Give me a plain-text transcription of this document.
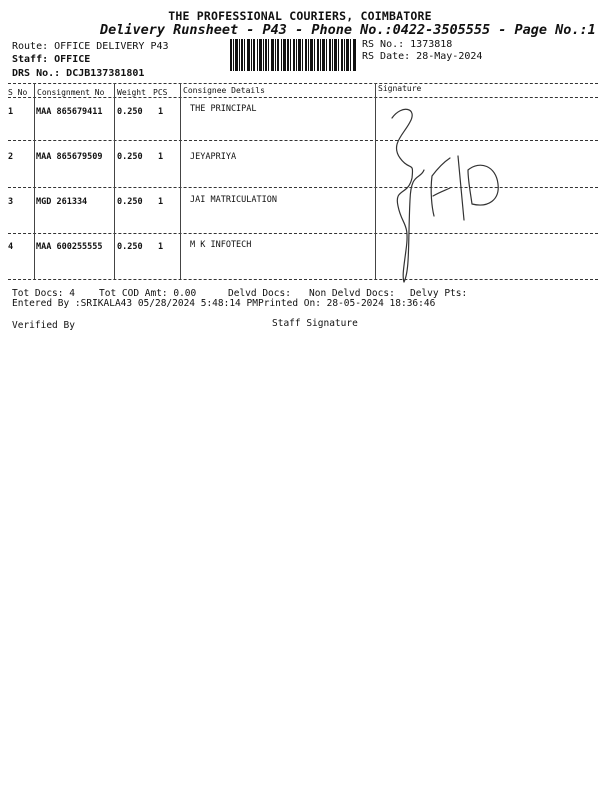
THE PROFESSIONAL COURIERS, COIMBATORE
Delivery Runsheet - P43 - Phone No.:0422-3505555 - Page No.:1
Route: OFFICE DELIVERY P43
Staff: OFFICE
DRS No.: DCJB137381801
RS No.: 1373818
RS Date: 28-May-2024
S No Consignment No Weight PCS Consignee Details	Signature
1	MAA 865679411 0.250 1	THE PRINCIPAL
2	MAA 865679509 0.250 1	JEYAPRIYA
3	MGD 261334	0.250 1	JAI MATRICULATION
4	MAA 600255555 0.250 1	M K INFOTECH
Tot Docs: 4	Tot COD Amt: 0.00	Delvd Docs: Non Delvd Docs: Delvy Pts:
Entered By :SRIKALA43 05/28/2024 5:48:14 PM Printed On: 28-05-2024 18:36:46
Verified By	Staff Signature
